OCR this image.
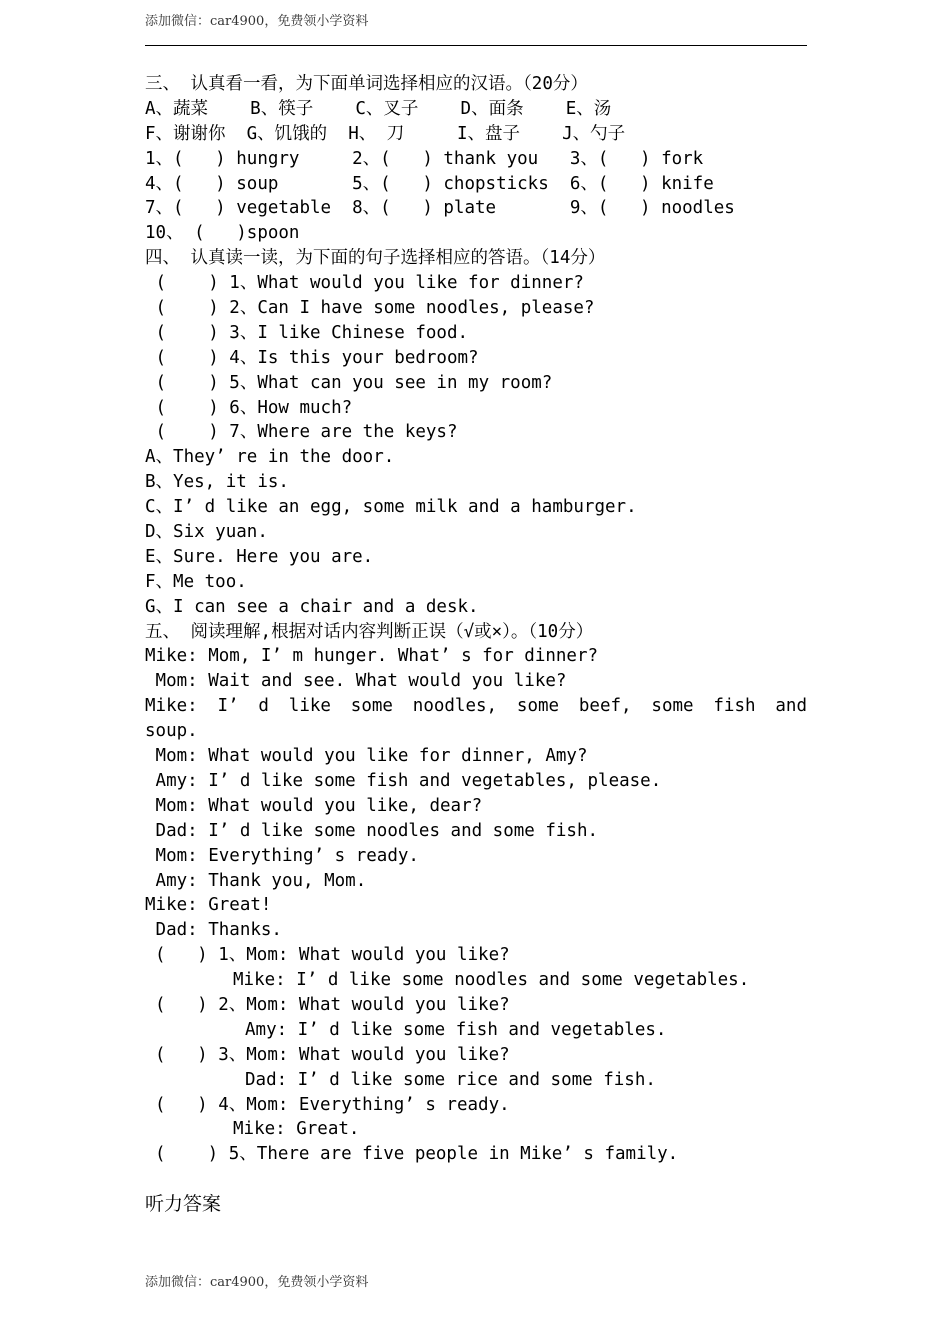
添加微信：car4900，免费领小学资料
三、 认真看一看，为下面单词选择相应的汉语。（20分）
A、蔬菜    B、筷子    C、叉子    D、面条    E、汤
F、谢谢你  G、饥饿的  H、 刀     I、盘子    J、勺子
1、(   ) hungry     2、(   ) thank you   3、(   ) fork
4、(   ) soup       5、(   ) chopsticks  6、(   ) knife
7、(   ) vegetable  8、(   ) plate       9、(   ) noodles
10、 (   )spoon
四、 认真读一读，为下面的句子选择相应的答语。（14分）
(    ) 1、What would you like for dinner?
(    ) 2、Can I have some noodles, please?
(    ) 3、I like Chinese food.
(    ) 4、Is this your bedroom?
(    ) 5、What can you see in my room?
(    ) 6、How much?
(    ) 7、Where are the keys?
A、They’ re in the door.
B、Yes, it is.
C、I’ d like an egg, some milk and a hamburger.
D、Six yuan.
E、Sure. Here you are.
F、Me too.
G、I can see a chair and a desk.
五、 阅读理解,根据对话内容判断正误（√或×）。（10分）
Mike: Mom, I’ m hunger. What’ s for dinner?
Mom: Wait and see. What would you like?
Mike: I’ d like some noodles, some beef, some fish and
soup.
Mom: What would you like for dinner, Amy?
Amy: I’ d like some fish and vegetables, please.
Mom: What would you like, dear?
Dad: I’ d like some noodles and some fish.
Mom: Everything’ s ready.
Amy: Thank you, Mom.
Mike: Great!
Dad: Thanks.
(   ) 1、Mom: What would you like?
Mike: I’ d like some noodles and some vegetables.
(   ) 2、Mom: What would you like?
Amy: I’ d like some fish and vegetables.
(   ) 3、Mom: What would you like?
Dad: I’ d like some rice and some fish.
(   ) 4、Mom: Everything’ s ready.
Mike: Great.
(    ) 5、There are five people in Mike’ s family.
听力答案
添加微信：car4900，免费领小学资料
